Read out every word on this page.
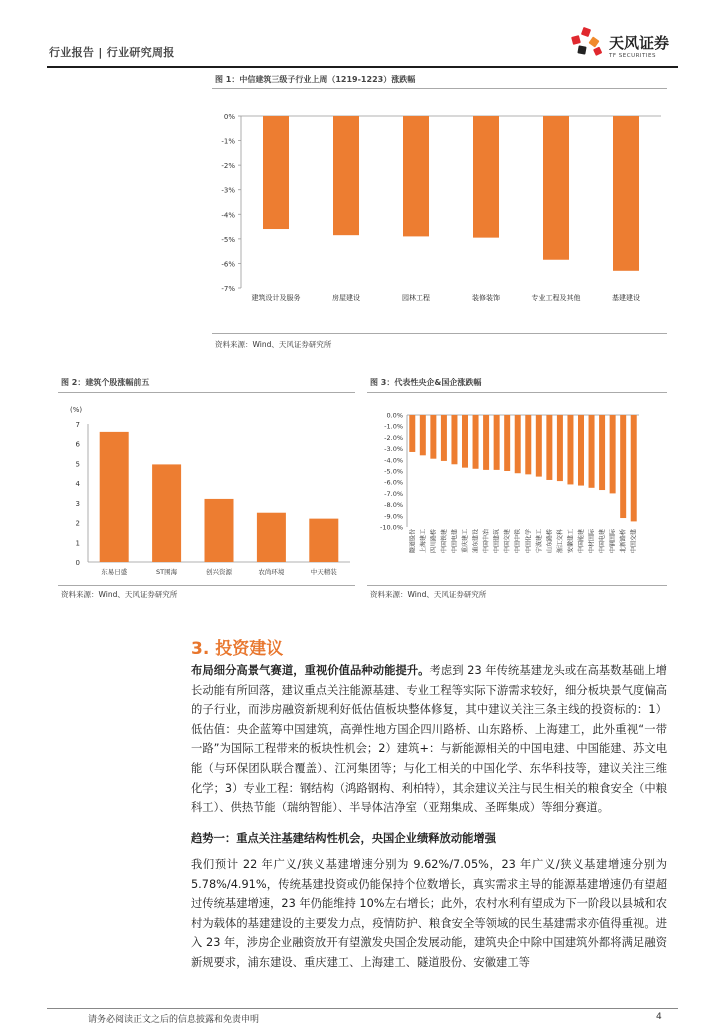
行业报告 | 行业研究周报
天风证券
TF SECURITIES
图 1：中信建筑三级子行业上周（1219-1223）涨跌幅
0%
-1%
-2%
-3%
-4%
-5%
-6%
-7%
建筑设计及服务	房屋建设	园林工程	装修装饰	专业工程及其他	基建建设
资料来源：Wind、天风证券研究所
图 2：建筑个股涨幅前五
(%)
0
1
2
3
4
5
6
7
东易日盛	ST围海	创兴资源	农尚环境	中天精装
资料来源：Wind、天风证券研究所
图 3：代表性央企&国企涨跌幅
0.0%
-1.0%
-2.0%
-3.0%
-4.0%
-5.0%
-6.0%
-7.0%
-8.0%
-9.0%
-10.0%
隧道股份 上海建工 四川路桥 中国铁建 中国电建 重庆建工 浦东建设 中国中冶 中国建筑 中国交建 中国中铁 中国化学 宁波建工 山东路桥 浙江交科 安徽建工 中国能建 中材国际 中国电建 中钢国际 北新路桥 中国交建
资料来源：Wind、天风证券研究所
3. 投资建议
布局细分高景气赛道，重视价值品种动能提升。考虑到 23 年传统基建龙头或在高基数基础上增长动能有所回落，建议重点关注能源基建、专业工程等实际下游需求较好，细分板块景气度偏高的子行业，而涉房融资新规利好低估值板块整体修复，其中建议关注三条主线的投资标的：1）低估值：央企蓝筹中国建筑，高弹性地方国企四川路桥、山东路桥、上海建工，此外重视“一带一路”为国际工程带来的板块性机会；2）建筑+：与新能源相关的中国电建、中国能建、苏文电能（与环保团队联合覆盖）、江河集团等；与化工相关的中国化学、东华科技等，建议关注三维化学；3）专业工程：钢结构（鸿路钢构、利柏特），其余建议关注与民生相关的粮食安全（中粮科工）、供热节能（瑞纳智能）、半导体洁净室（亚翔集成、圣晖集成）等细分赛道。
趋势一：重点关注基建结构性机会，央国企业绩释放动能增强
我们预计 22 年广义/狭义基建增速分别为 9.62%/7.05%，23 年广义/狭义基建增速分别为 5.78%/4.91%，传统基建投资或仍能保持个位数增长，真实需求主导的能源基建增速仍有望超过传统基建增速，23 年仍能维持 10%左右增长；此外，农村水利有望成为下一阶段以县城和农村为载体的基建建设的主要发力点，疫情防护、粮食安全等领域的民生基建需求亦值得重视。进入 23 年，涉房企业融资放开有望激发央国企发展动能，建筑央企中除中国建筑外都将满足融资新规要求，浦东建设、重庆建工、上海建工、隧道股份、安徽建工等
请务必阅读正文之后的信息披露和免责申明	4
